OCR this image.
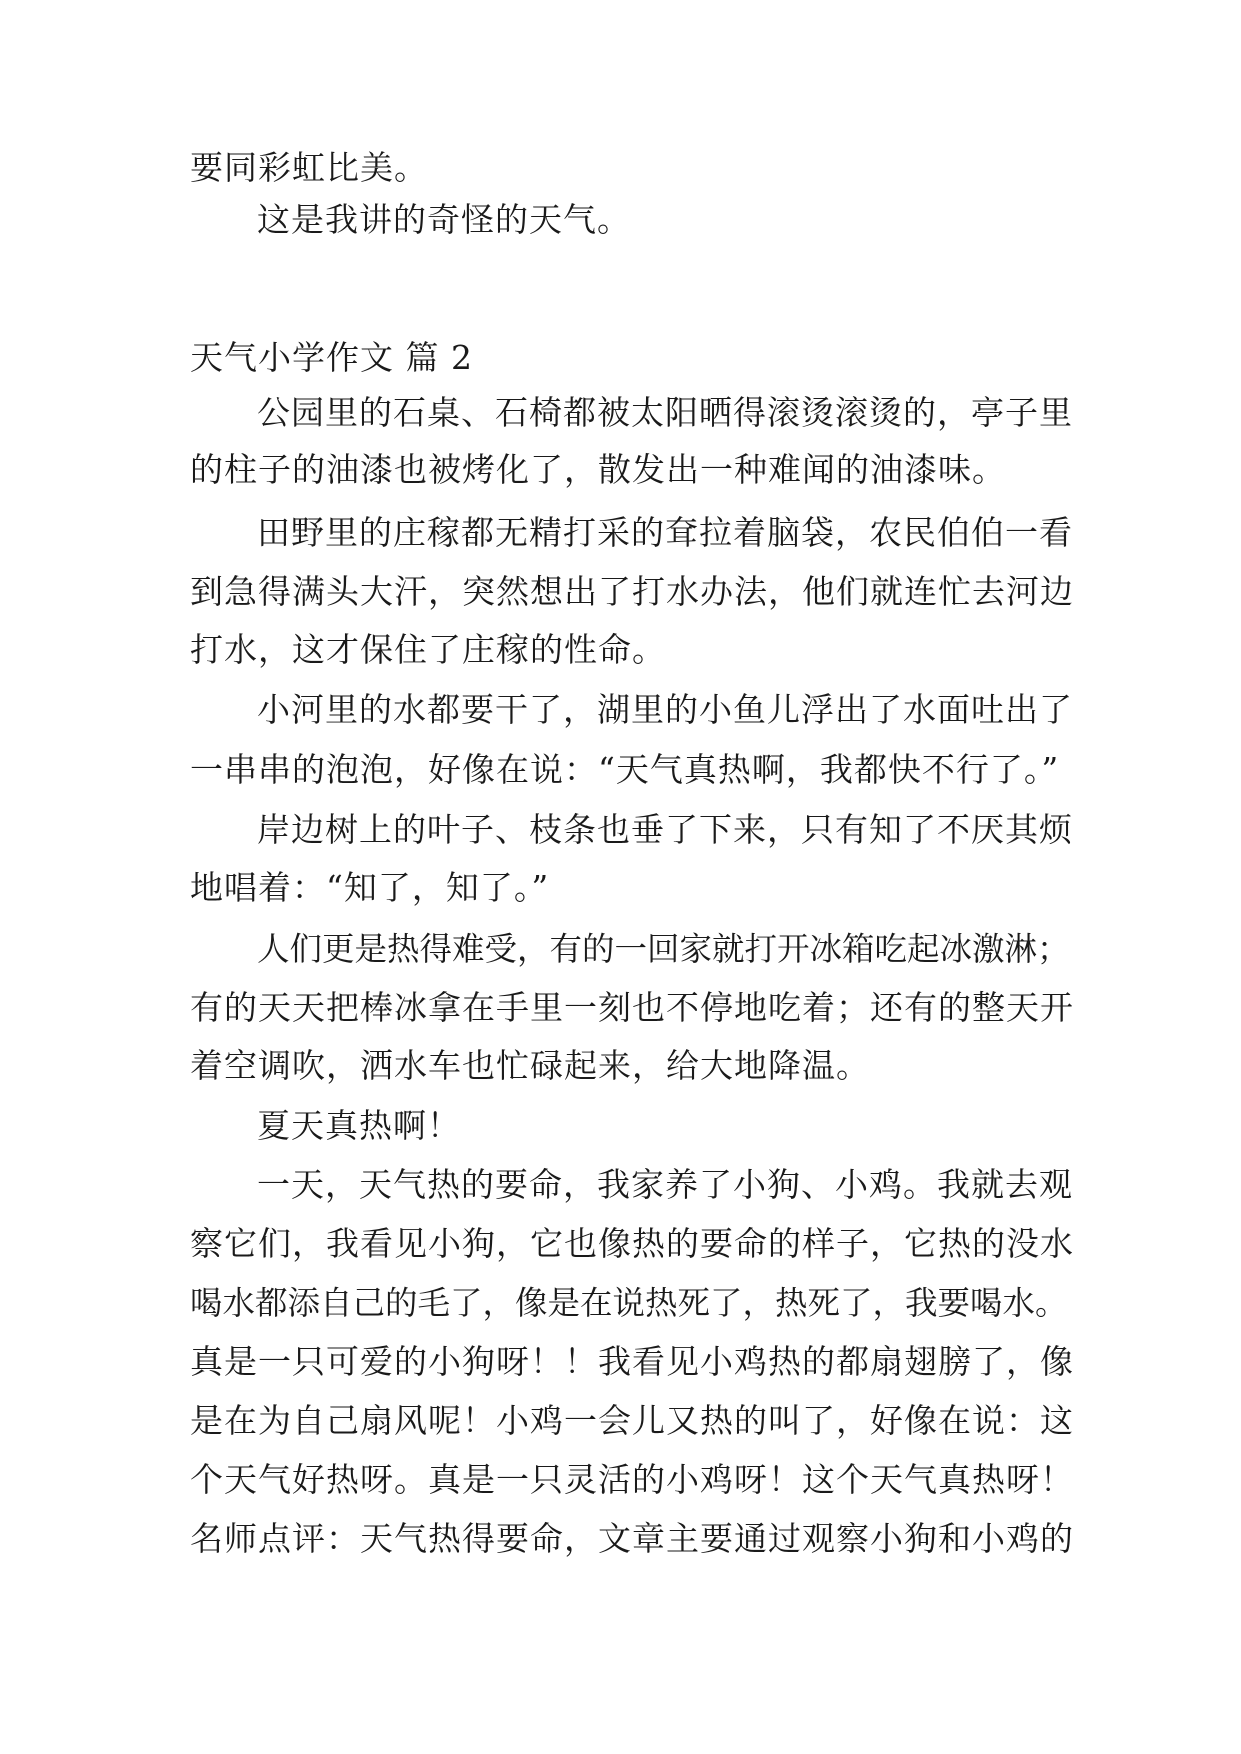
要同彩虹比美。
这是我讲的奇怪的天气。
天气小学作文 篇 2
公园里的石桌、石椅都被太阳晒得滚烫滚烫的，亭子里
的柱子的油漆也被烤化了，散发出一种难闻的油漆味。
田野里的庄稼都无精打采的耷拉着脑袋，农民伯伯一看
到急得满头大汗，突然想出了打水办法，他们就连忙去河边
打水，这才保住了庄稼的性命。
小河里的水都要干了，湖里的小鱼儿浮出了水面吐出了
一串串的泡泡，好像在说：“天气真热啊，我都快不行了。”
岸边树上的叶子、枝条也垂了下来，只有知了不厌其烦
地唱着：“知了，知了。”
人们更是热得难受，有的一回家就打开冰箱吃起冰激淋；
有的天天把棒冰拿在手里一刻也不停地吃着；还有的整天开
着空调吹，洒水车也忙碌起来，给大地降温。
夏天真热啊！
一天，天气热的要命，我家养了小狗、小鸡。我就去观
察它们，我看见小狗，它也像热的要命的样子，它热的没水
喝水都添自己的毛了，像是在说热死了，热死了，我要喝水。
真是一只可爱的小狗呀！！我看见小鸡热的都扇翅膀了，像
是在为自己扇风呢！小鸡一会儿又热的叫了，好像在说：这
个天气好热呀。真是一只灵活的小鸡呀！这个天气真热呀！
名师点评：天气热得要命，文章主要通过观察小狗和小鸡的
